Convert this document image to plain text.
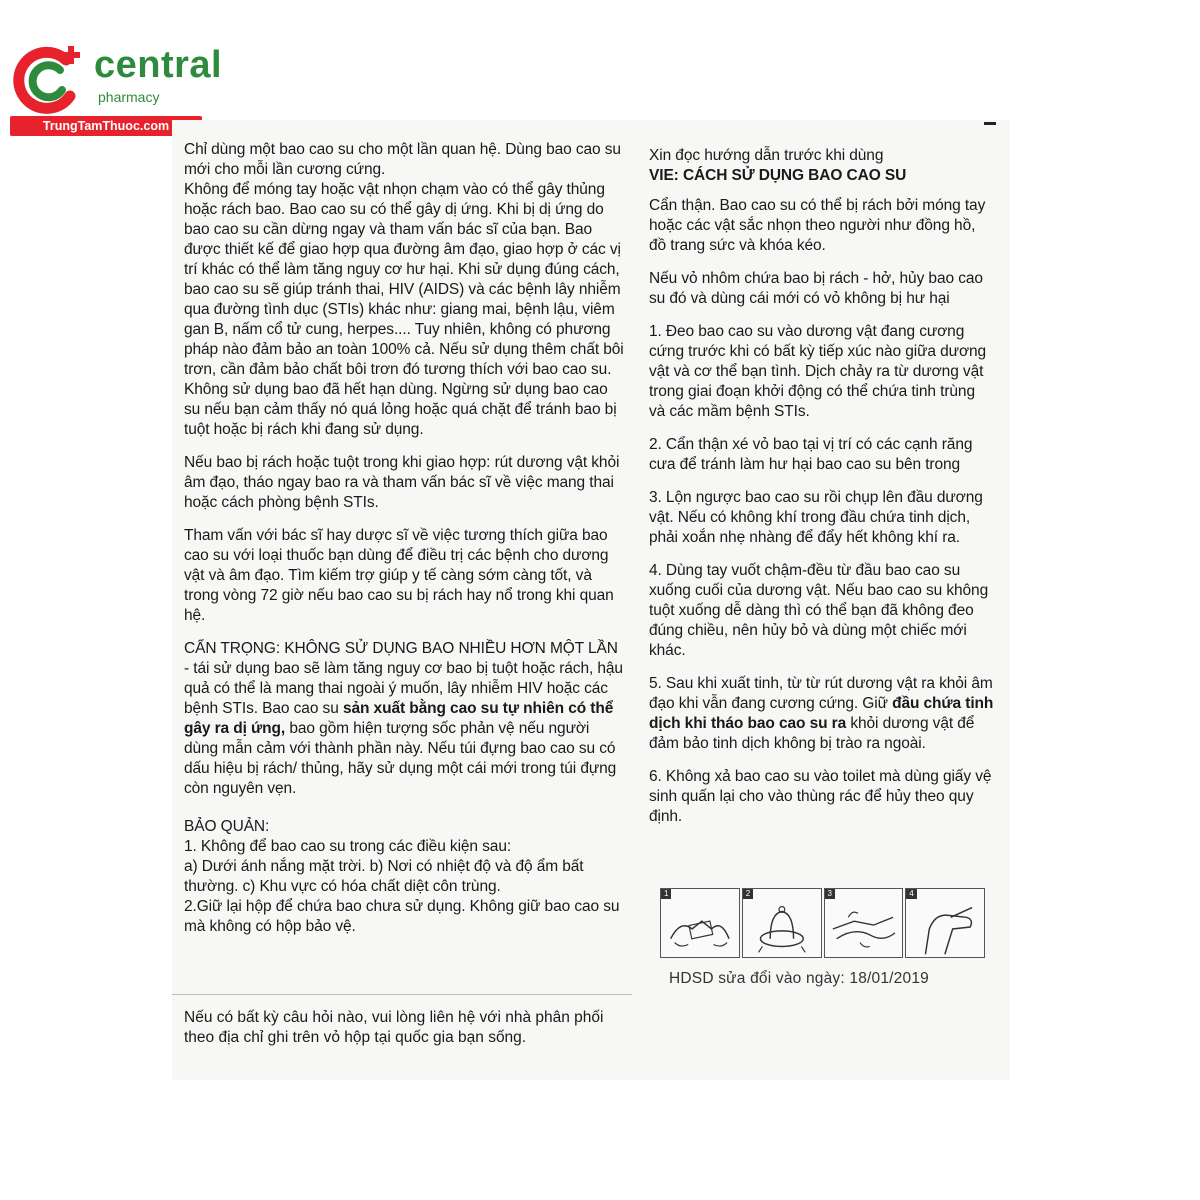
central
pharmacy
TrungTamThuoc.com

Chỉ dùng một bao cao su cho một lần quan hệ. Dùng bao cao su mới cho mỗi lần cương cứng.

Không để móng tay hoặc vật nhọn chạm vào có thể gây thủng hoặc rách bao. Bao cao su có thể gây dị ứng. Khi bị dị ứng do bao cao su cần dừng ngay và tham vấn bác sĩ của bạn. Bao được thiết kế để giao hợp qua đường âm đạo, giao hợp ở các vị trí khác có thể làm tăng nguy cơ hư hại. Khi sử dụng đúng cách, bao cao su sẽ giúp tránh thai, HIV (AIDS) và các bệnh lây nhiễm qua đường tình dục (STIs) khác như: giang mai, bệnh lậu, viêm gan B, nấm cổ tử cung, herpes.... Tuy nhiên, không có phương pháp nào đảm bảo an toàn 100% cả. Nếu sử dụng thêm chất bôi trơn, cần đảm bảo chất bôi trơn đó tương thích với bao cao su. Không sử dụng bao đã hết hạn dùng. Ngừng sử dụng bao cao su nếu bạn cảm thấy nó quá lỏng hoặc quá chặt để tránh bao bị tuột hoặc bị rách khi đang sử dụng.

Nếu bao bị rách hoặc tuột trong khi giao hợp: rút dương vật khỏi âm đạo, tháo ngay bao ra và tham vấn bác sĩ về việc mang thai hoặc cách phòng bệnh STIs.

Tham vấn với bác sĩ hay dược sĩ về việc tương thích giữa bao cao su với loại thuốc bạn dùng để điều trị các bệnh cho dương vật và âm đạo. Tìm kiếm trợ giúp y tế càng sớm càng tốt, và trong vòng 72 giờ nếu bao cao su bị rách hay nổ trong khi quan hệ.

CẨN TRỌNG: KHÔNG SỬ DỤNG BAO NHIỀU HƠN MỘT LẦN - tái sử dụng bao sẽ làm tăng nguy cơ bao bị tuột hoặc rách, hậu quả có thể là mang thai ngoài ý muốn, lây nhiễm HIV hoặc các bệnh STIs. Bao cao su sản xuất bằng cao su tự nhiên có thể gây ra dị ứng, bao gồm hiện tượng sốc phản vệ nếu người dùng mẫn cảm với thành phần này. Nếu túi đựng bao cao su có dấu hiệu bị rách/ thủng, hãy sử dụng một cái mới trong túi đựng còn nguyên vẹn.

BẢO QUẢN:
1. Không để bao cao su trong các điều kiện sau:
a) Dưới ánh nắng mặt trời. b) Nơi có nhiệt độ và độ ẩm bất thường. c) Khu vực có hóa chất diệt côn trùng.
2.Giữ lại hộp để chứa bao chưa sử dụng. Không giữ bao cao su mà không có hộp bảo vệ.
Nếu có bất kỳ câu hỏi nào, vui lòng liên hệ với nhà phân phối theo địa chỉ ghi trên vỏ hộp tại quốc gia bạn sống.
Xin đọc hướng dẫn trước khi dùng

VIE: CÁCH SỬ DỤNG BAO CAO SU

Cẩn thận. Bao cao su có thể bị rách bởi móng tay hoặc các vật sắc nhọn theo người như đồng hồ, đồ trang sức và khóa kéo.

Nếu vỏ nhôm chứa bao bị rách - hở, hủy bao cao su đó và dùng cái mới có vỏ không bị hư hại

1. Đeo bao cao su vào dương vật đang cương cứng trước khi có bất kỳ tiếp xúc nào giữa dương vật và cơ thể bạn tình. Dịch chảy ra từ dương vật trong giai đoạn khởi động có thể chứa tinh trùng và các mầm bệnh STIs.

2. Cẩn thận xé vỏ bao tại vị trí có các cạnh răng cưa để tránh làm hư hại bao cao su bên trong

3. Lộn ngược bao cao su rồi chụp lên đầu dương vật. Nếu có không khí trong đầu chứa tinh dịch, phải xoắn nhẹ nhàng để đẩy hết không khí ra.

4. Dùng tay vuốt chậm-đều từ đầu bao cao su xuống cuối của dương vật. Nếu bao cao su không tuột xuống dễ dàng thì có thể bạn đã không đeo đúng chiều, nên hủy bỏ và dùng một chiếc mới khác.

5. Sau khi xuất tinh, từ từ rút dương vật ra khỏi âm đạo khi vẫn đang cương cứng. Giữ đầu chứa tinh dịch khi tháo bao cao su ra khỏi dương vật để đảm bảo tinh dịch không bị trào ra ngoài.

6. Không xả bao cao su vào toilet mà dùng giấy vệ sinh quấn lại cho vào thùng rác để hủy theo quy định.

1	2	3	4
HDSD sửa đổi vào ngày: 18/01/2019
